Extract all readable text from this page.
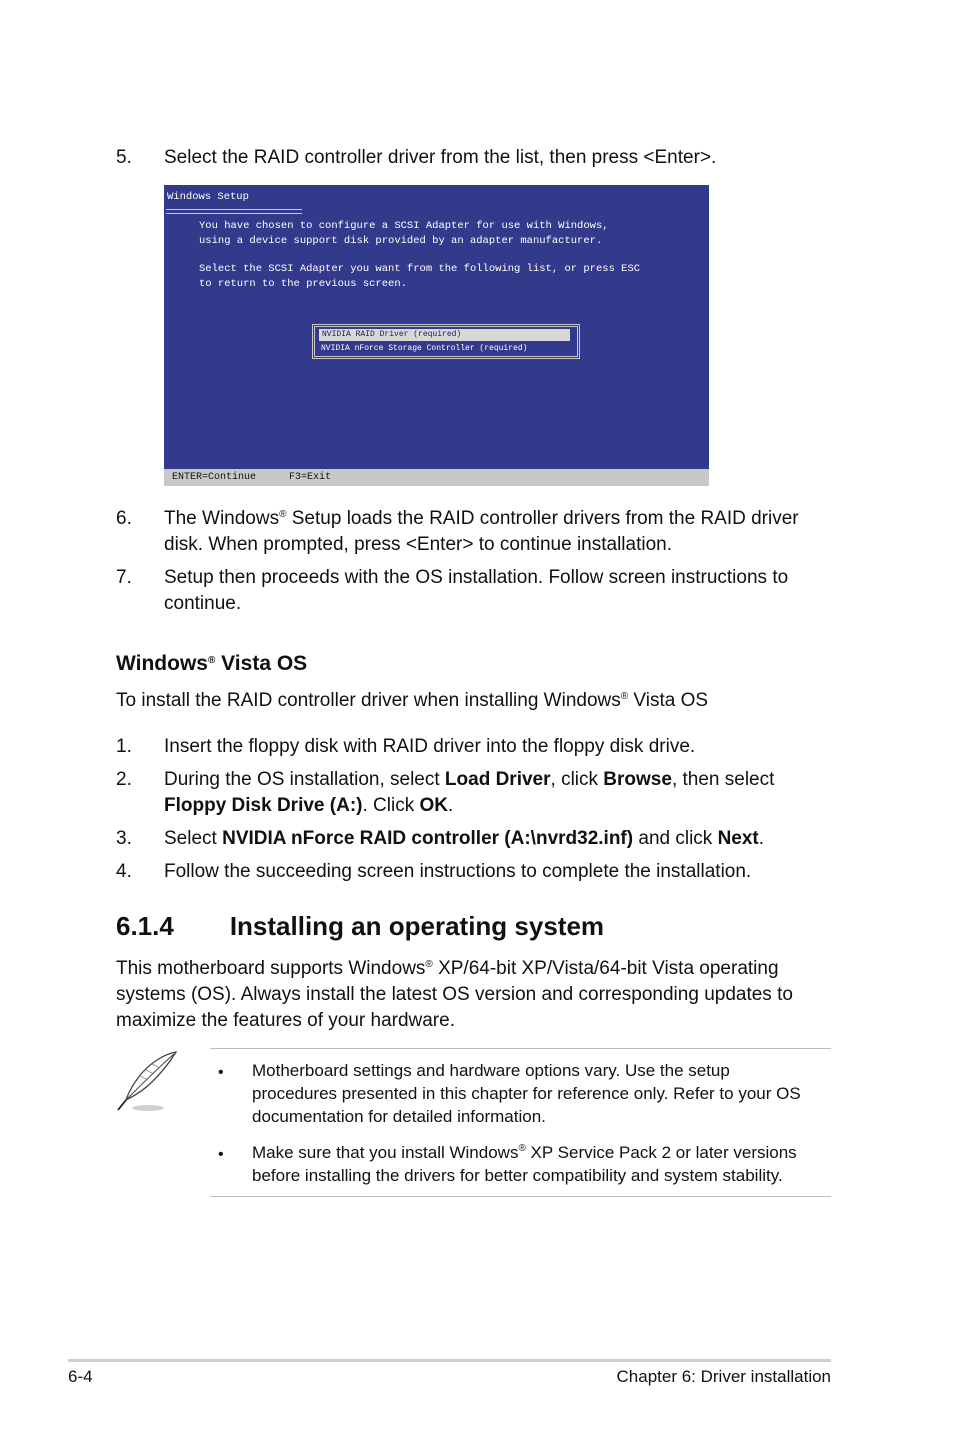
5. Select the RAID controller driver from the list, then press <Enter>.
Windows Setup
You have chosen to configure a SCSI Adapter for use with Windows,
using a device support disk provided by an adapter manufacturer.
Select the SCSI Adapter you want from the following list, or press ESC
to return to the previous screen.
NVIDIA RAID Driver (required)
NVIDIA nForce Storage Controller (required)
ENTER=Continue	F3=Exit
6. The Windows® Setup loads the RAID controller drivers from the RAID driver
disk. When prompted, press <Enter> to continue installation.
7. Setup then proceeds with the OS installation. Follow screen instructions to
continue.
Windows® Vista OS
To install the RAID controller driver when installing Windows® Vista OS
1. Insert the floppy disk with RAID driver into the floppy disk drive.
2. During the OS installation, select Load Driver, click Browse, then select
Floppy Disk Drive (A:). Click OK.
3. Select NVIDIA nForce RAID controller (A:\nvrd32.inf) and click Next.
4. Follow the succeeding screen instructions to complete the installation.
6.1.4 Installing an operating system
This motherboard supports Windows® XP/64-bit XP/Vista/64-bit Vista operating
systems (OS). Always install the latest OS version and corresponding updates to
maximize the features of your hardware.
• Motherboard settings and hardware options vary. Use the setup
procedures presented in this chapter for reference only. Refer to your OS
documentation for detailed information.
• Make sure that you install Windows® XP Service Pack 2 or later versions
before installing the drivers for better compatibility and system stability.
6-4	Chapter 6: Driver installation
